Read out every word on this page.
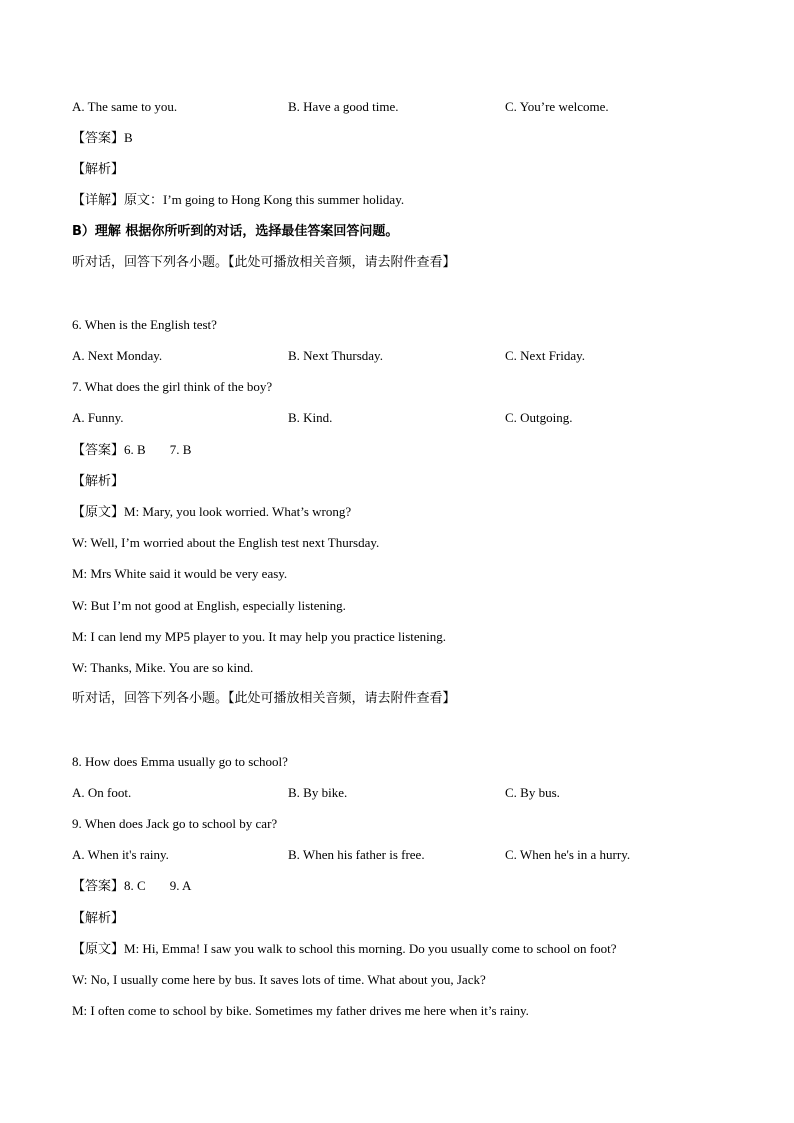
A. The same to you.	B. Have a good time.	C. You’re welcome.
【答案】B
【解析】
【详解】原文：I’m going to Hong Kong this summer holiday.
B）理解 根据你所听到的对话，选择最佳答案回答问题。
听对话，回答下列各小题。【此处可播放相关音频，请去附件查看】
6. When is the English test?
A. Next Monday.	B. Next Thursday.	C. Next Friday.
7. What does the girl think of the boy?
A. Funny.	B. Kind.	C. Outgoing.
【答案】6. B 7. B
【解析】
【原文】M: Mary, you look worried. What’s wrong?
W: Well, I’m worried about the English test next Thursday.
M: Mrs White said it would be very easy.
W: But I’m not good at English, especially listening.
M: I can lend my MP5 player to you. It may help you practice listening.
W: Thanks, Mike. You are so kind.
听对话，回答下列各小题。【此处可播放相关音频，请去附件查看】
8. How does Emma usually go to school?
A. On foot.	B. By bike.	C. By bus.
9. When does Jack go to school by car?
A. When it's rainy.	B. When his father is free.	C. When he's in a hurry.
【答案】8. C 9. A
【解析】
【原文】M: Hi, Emma! I saw you walk to school this morning. Do you usually come to school on foot?
W: No, I usually come here by bus. It saves lots of time. What about you, Jack?
M: I often come to school by bike. Sometimes my father drives me here when it’s rainy.
